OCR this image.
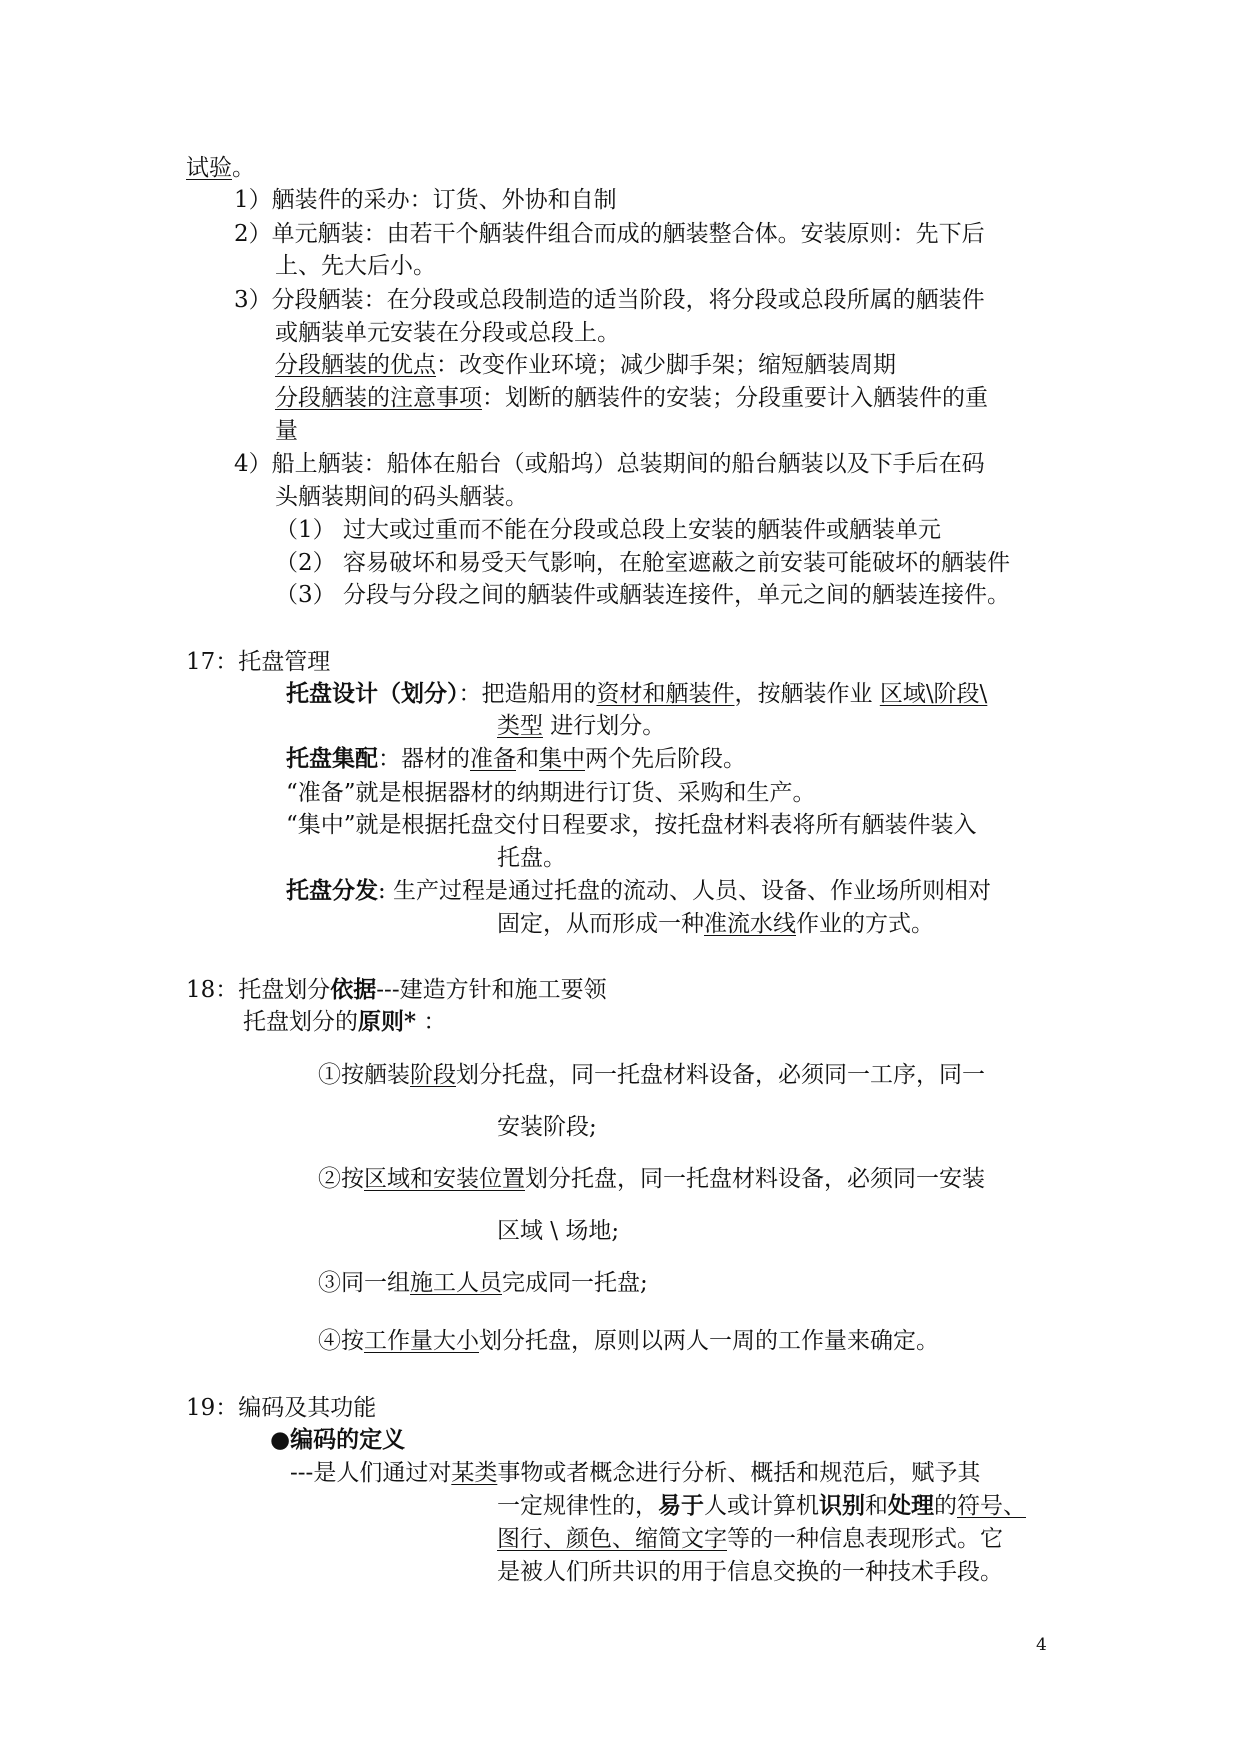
试验。
1）舾装件的采办：订货、外协和自制
2）单元舾装：由若干个舾装件组合而成的舾装整合体。安装原则：先下后
上、先大后小。
3）分段舾装：在分段或总段制造的适当阶段，将分段或总段所属的舾装件
或舾装单元安装在分段或总段上。
分段舾装的优点：改变作业环境；减少脚手架；缩短舾装周期
分段舾装的注意事项：划断的舾装件的安装；分段重要计入舾装件的重
量
4）船上舾装：船体在船台（或船坞）总装期间的船台舾装以及下手后在码
头舾装期间的码头舾装。
（1） 过大或过重而不能在分段或总段上安装的舾装件或舾装单元
（2） 容易破坏和易受天气影响，在舱室遮蔽之前安装可能破坏的舾装件
（3） 分段与分段之间的舾装件或舾装连接件，单元之间的舾装连接件。
17：托盘管理
托盘设计（划分）：把造船用的资材和舾装件，按舾装作业 区域\阶段\
类型 进行划分。
托盘集配：器材的准备和集中两个先后阶段。
“准备”就是根据器材的纳期进行订货、采购和生产。
“集中”就是根据托盘交付日程要求，按托盘材料表将所有舾装件装入
托盘。
托盘分发: 生产过程是通过托盘的流动、人员、设备、作业场所则相对
固定，从而形成一种准流水线作业的方式。
18：托盘划分依据---建造方针和施工要领
托盘划分的原则* ：
①按舾装阶段划分托盘，同一托盘材料设备，必须同一工序，同一
安装阶段;
②按区域和安装位置划分托盘，同一托盘材料设备，必须同一安装
区域 \ 场地;
③同一组施工人员完成同一托盘;
④按工作量大小划分托盘，原则以两人一周的工作量来确定。
19：编码及其功能
●编码的定义
---是人们通过对某类事物或者概念进行分析、概括和规范后，赋予其
一定规律性的，易于人或计算机识别和处理的符号、
图行、颜色、缩简文字等的一种信息表现形式。它
是被人们所共识的用于信息交换的一种技术手段。
4
